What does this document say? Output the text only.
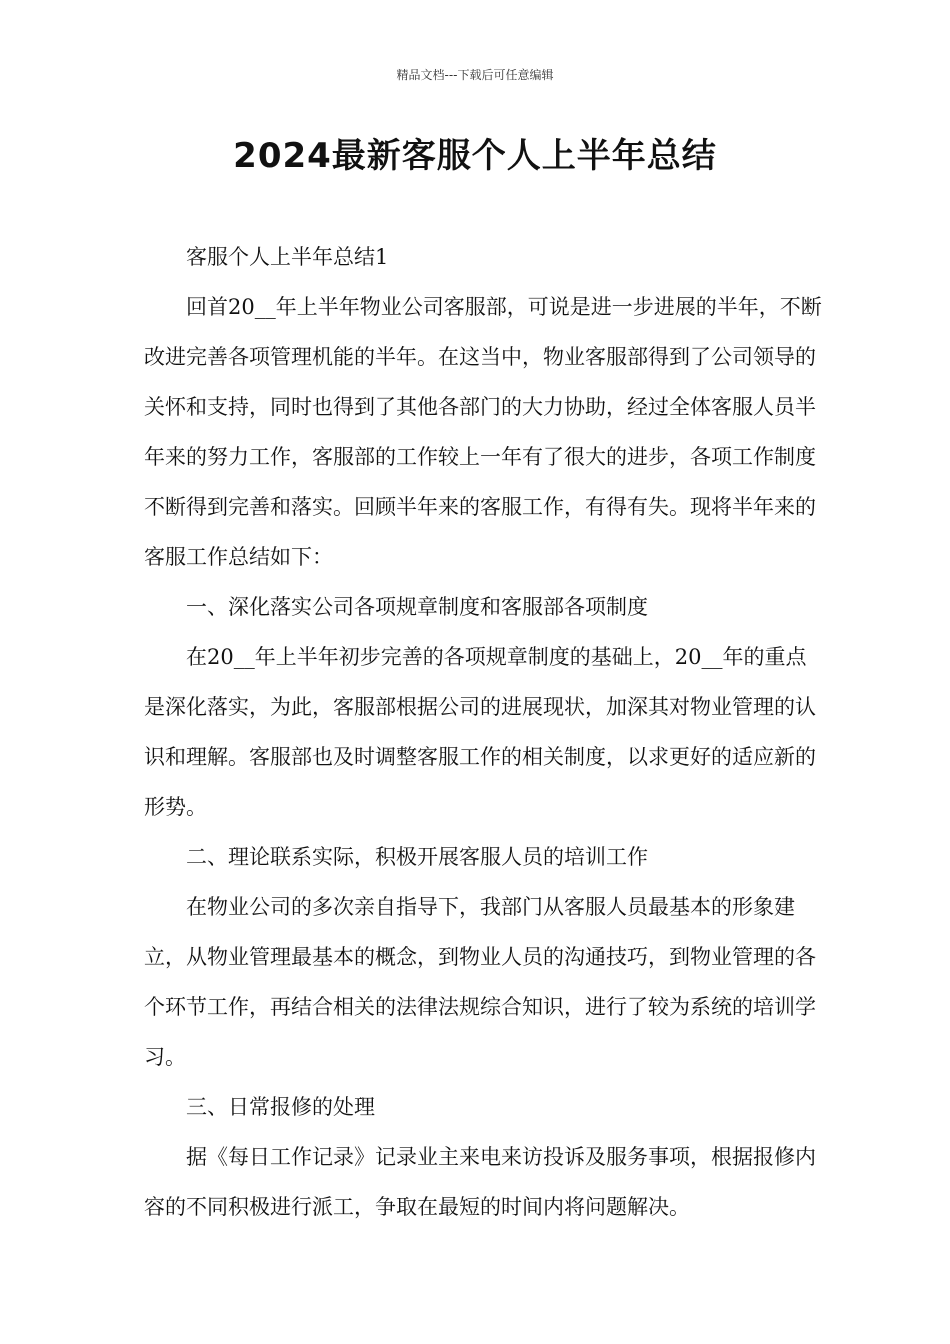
精品文档---下载后可任意编辑
2024最新客服个人上半年总结

客服个人上半年总结1

回首20__年上半年物业公司客服部，可说是进一步进展的半年，不断改进完善各项管理机能的半年。在这当中，物业客服部得到了公司领导的关怀和支持，同时也得到了其他各部门的大力协助，经过全体客服人员半年来的努力工作，客服部的工作较上一年有了很大的进步，各项工作制度不断得到完善和落实。回顾半年来的客服工作，有得有失。现将半年来的客服工作总结如下：

一、深化落实公司各项规章制度和客服部各项制度

在20__年上半年初步完善的各项规章制度的基础上，20__年的重点是深化落实，为此，客服部根据公司的进展现状，加深其对物业管理的认识和理解。客服部也及时调整客服工作的相关制度，以求更好的适应新的形势。

二、理论联系实际，积极开展客服人员的培训工作

在物业公司的多次亲自指导下，我部门从客服人员最基本的形象建立，从物业管理最基本的概念，到物业人员的沟通技巧，到物业管理的各个环节工作，再结合相关的法律法规综合知识，进行了较为系统的培训学习。

三、日常报修的处理

据《每日工作记录》记录业主来电来访投诉及服务事项，根据报修内容的不同积极进行派工，争取在最短的时间内将问题解决。
